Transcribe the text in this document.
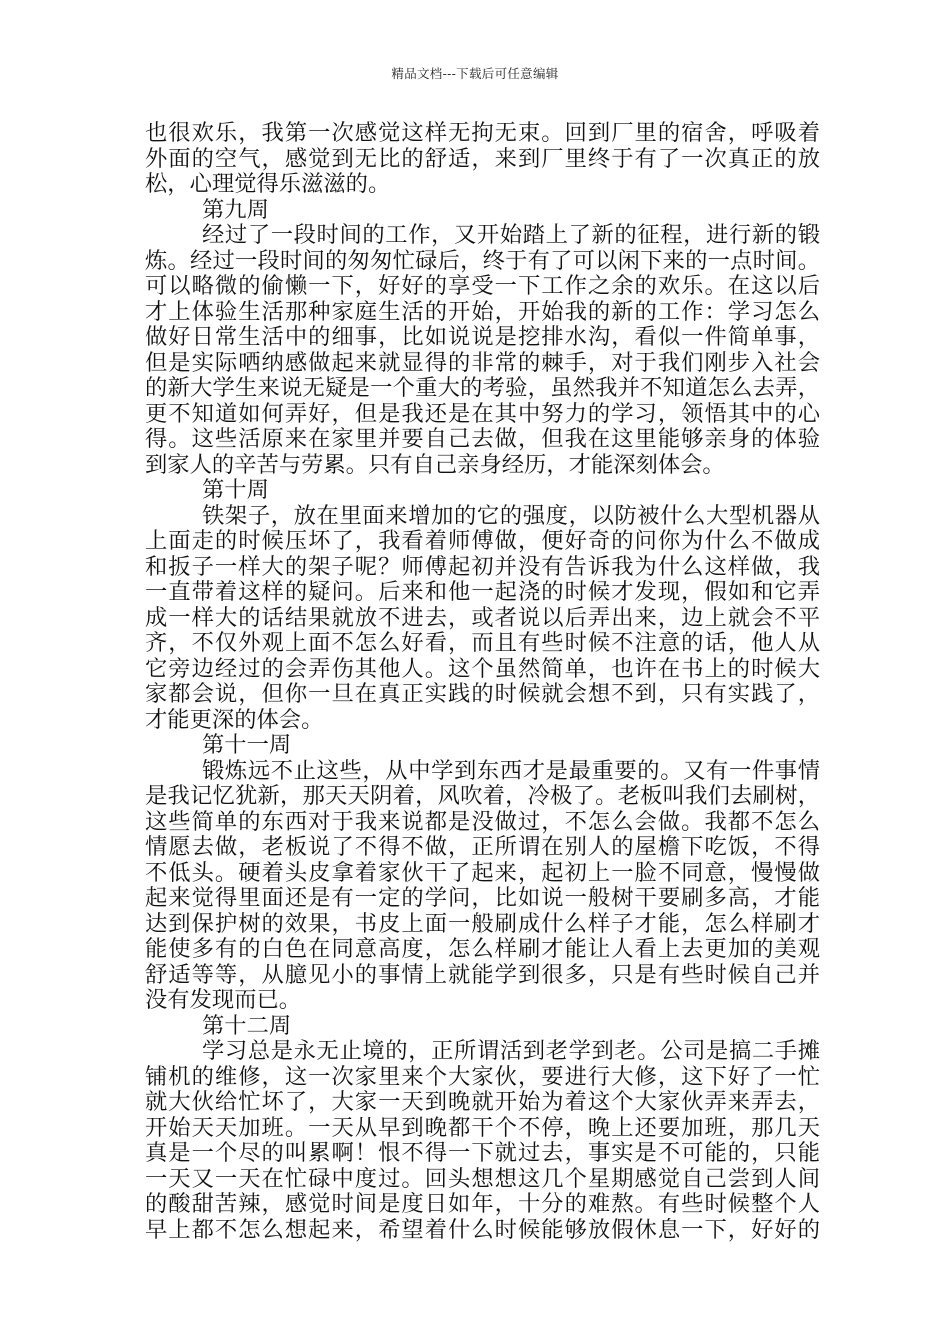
精品文档---下载后可任意编辑
也很欢乐，我第一次感觉这样无拘无束。回到厂里的宿舍，呼吸着
外面的空气，感觉到无比的舒适，来到厂里终于有了一次真正的放
松，心理觉得乐滋滋的。
第九周
经过了一段时间的工作，又开始踏上了新的征程，进行新的锻
炼。经过一段时间的匆匆忙碌后，终于有了可以闲下来的一点时间。
可以略微的偷懒一下，好好的享受一下工作之余的欢乐。在这以后
才上体验生活那种家庭生活的开始，开始我的新的工作：学习怎么
做好日常生活中的细事，比如说说是挖排水沟，看似一件简单事，
但是实际哂纳感做起来就显得的非常的棘手，对于我们刚步入社会
的新大学生来说无疑是一个重大的考验，虽然我并不知道怎么去弄，
更不知道如何弄好，但是我还是在其中努力的学习，领悟其中的心
得。这些活原来在家里并要自己去做，但我在这里能够亲身的体验
到家人的辛苦与劳累。只有自己亲身经历，才能深刻体会。
第十周
铁架子，放在里面来增加的它的强度，以防被什么大型机器从
上面走的时候压坏了，我看着师傅做，便好奇的问你为什么不做成
和扳子一样大的架子呢？师傅起初并没有告诉我为什么这样做，我
一直带着这样的疑问。后来和他一起浇的时候才发现，假如和它弄
成一样大的话结果就放不进去，或者说以后弄出来，边上就会不平
齐，不仅外观上面不怎么好看，而且有些时候不注意的话，他人从
它旁边经过的会弄伤其他人。这个虽然简单，也许在书上的时候大
家都会说，但你一旦在真正实践的时候就会想不到，只有实践了，
才能更深的体会。
第十一周
锻炼远不止这些，从中学到东西才是最重要的。又有一件事情
是我记忆犹新，那天天阴着，风吹着，冷极了。老板叫我们去刷树，
这些简单的东西对于我来说都是没做过，不怎么会做。我都不怎么
情愿去做，老板说了不得不做，正所谓在别人的屋檐下吃饭，不得
不低头。硬着头皮拿着家伙干了起来，起初上一脸不同意，慢慢做
起来觉得里面还是有一定的学问，比如说一般树干要刷多高，才能
达到保护树的效果，书皮上面一般刷成什么样子才能，怎么样刷才
能使多有的白色在同意高度，怎么样刷才能让人看上去更加的美观
舒适等等，从臆见小的事情上就能学到很多，只是有些时候自己并
没有发现而已。
第十二周
学习总是永无止境的，正所谓活到老学到老。公司是搞二手摊
铺机的维修，这一次家里来个大家伙，要进行大修，这下好了一忙
就大伙给忙坏了，大家一天到晚就开始为着这个大家伙弄来弄去，
开始天天加班。一天从早到晚都干个不停，晚上还要加班，那几天
真是一个尽的叫累啊！恨不得一下就过去，事实是不可能的，只能
一天又一天在忙碌中度过。回头想想这几个星期感觉自己尝到人间
的酸甜苦辣，感觉时间是度日如年，十分的难熬。有些时候整个人
早上都不怎么想起来，希望着什么时候能够放假休息一下，好好的
